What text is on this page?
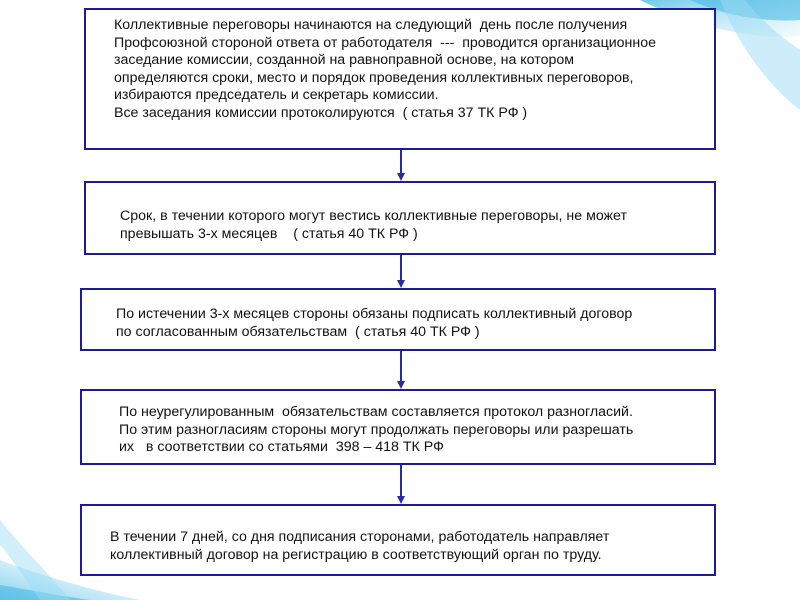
Коллективные переговоры начинаются на следующий  день после получения
Профсоюзной стороной ответа от работодателя  ---  проводится организационное
заседание комиссии, созданной на равноправной основе, на котором
определяются сроки, место и порядок проведения коллективных переговоров,
избираются председатель и секретарь комиссии.
Все заседания комиссии протоколируются  ( статья 37 ТК РФ )
Срок, в течении которого могут вестись коллективные переговоры, не может
превышать 3-х месяцев    ( статья 40 ТК РФ )
По истечении 3-х месяцев стороны обязаны подписать коллективный договор
по согласованным обязательствам  ( статья 40 ТК РФ )
По неурегулированным  обязательствам составляется протокол разногласий.
По этим разногласиям стороны могут продолжать переговоры или разрешать
их   в соответствии со статьями  398 – 418 ТК РФ
В течении 7 дней, со дня подписания сторонами, работодатель направляет
коллективный договор на регистрацию в соответствующий орган по труду.
